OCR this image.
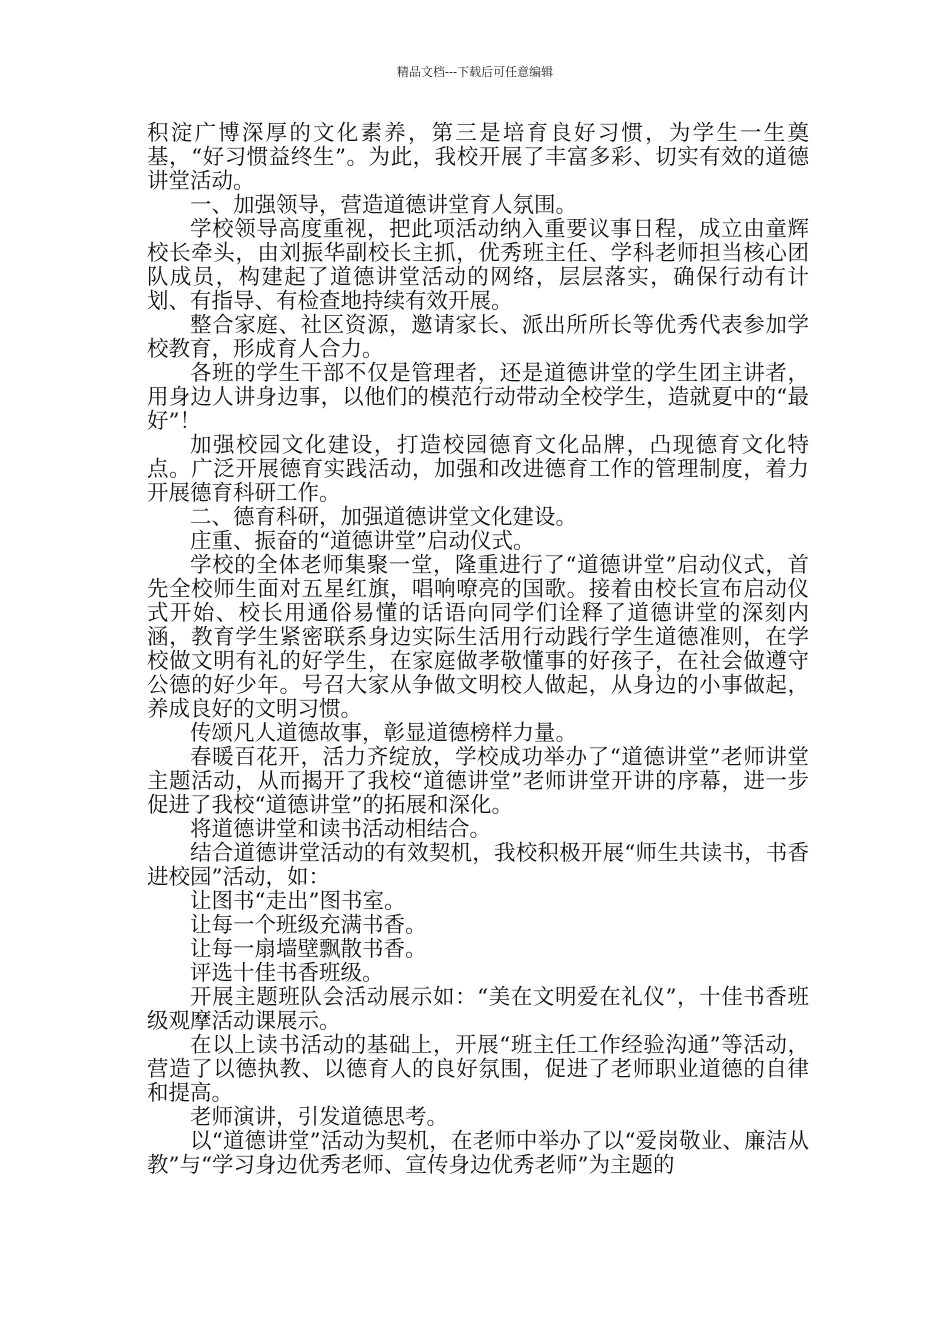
精品文档---下载后可任意编辑

积淀广博深厚的文化素养，第三是培育良好习惯，为学生一生奠基，“好习惯益终生”。为此，我校开展了丰富多彩、切实有效的道德讲堂活动。

一、加强领导，营造道德讲堂育人氛围。

学校领导高度重视，把此项活动纳入重要议事日程，成立由童辉校长牵头，由刘振华副校长主抓，优秀班主任、学科老师担当核心团队成员，构建起了道德讲堂活动的网络，层层落实，确保行动有计划、有指导、有检查地持续有效开展。

整合家庭、社区资源，邀请家长、派出所所长等优秀代表参加学校教育，形成育人合力。

各班的学生干部不仅是管理者，还是道德讲堂的学生团主讲者，用身边人讲身边事，以他们的模范行动带动全校学生，造就夏中的“最好”！

加强校园文化建设，打造校园德育文化品牌，凸现德育文化特点。广泛开展德育实践活动，加强和改进德育工作的管理制度，着力开展德育科研工作。

二、德育科研，加强道德讲堂文化建设。

庄重、振奋的“道德讲堂”启动仪式。

学校的全体老师集聚一堂，隆重进行了“道德讲堂”启动仪式，首先全校师生面对五星红旗，唱响嘹亮的国歌。接着由校长宣布启动仪式开始、校长用通俗易懂的话语向同学们诠释了道德讲堂的深刻内涵，教育学生紧密联系身边实际生活用行动践行学生道德准则，在学校做文明有礼的好学生，在家庭做孝敬懂事的好孩子，在社会做遵守公德的好少年。号召大家从争做文明校人做起，从身边的小事做起，养成良好的文明习惯。

传颂凡人道德故事，彰显道德榜样力量。

春暖百花开，活力齐绽放，学校成功举办了“道德讲堂”老师讲堂主题活动，从而揭开了我校“道德讲堂”老师讲堂开讲的序幕，进一步促进了我校“道德讲堂”的拓展和深化。

将道德讲堂和读书活动相结合。

结合道德讲堂活动的有效契机，我校积极开展“师生共读书，书香进校园”活动，如：

让图书“走出”图书室。

让每一个班级充满书香。

让每一扇墙壁飘散书香。

评选十佳书香班级。

开展主题班队会活动展示如：“美在文明爱在礼仪”，十佳书香班级观摩活动课展示。

在以上读书活动的基础上，开展“班主任工作经验沟通”等活动，营造了以德执教、以德育人的良好氛围，促进了老师职业道德的自律和提高。

老师演讲，引发道德思考。

以“道德讲堂”活动为契机，在老师中举办了以“爱岗敬业、廉洁从教”与“学习身边优秀老师、宣传身边优秀老师”为主题的
